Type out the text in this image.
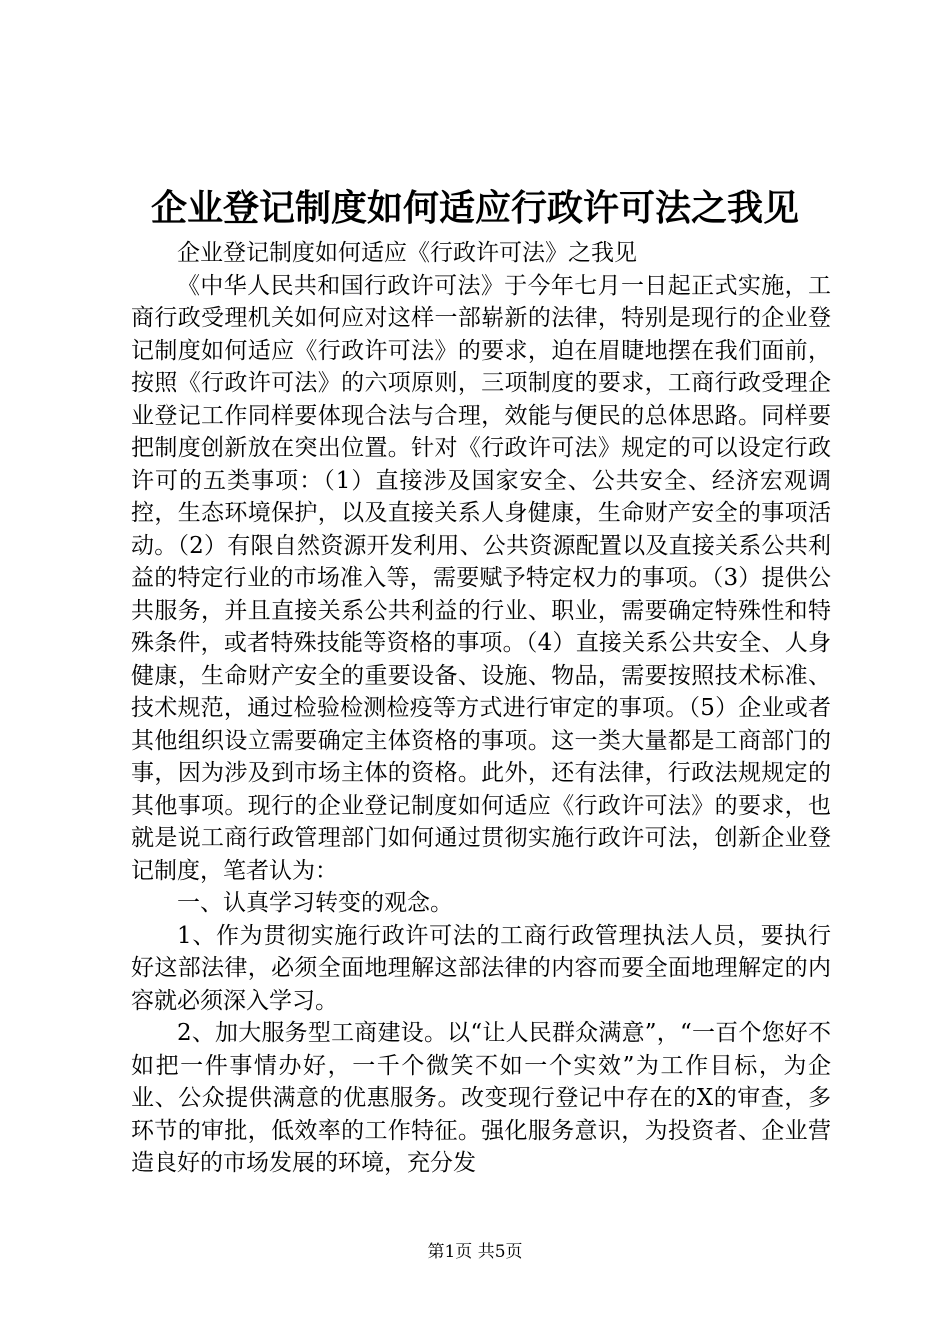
企业登记制度如何适应行政许可法之我见

企业登记制度如何适应《行政许可法》之我见

《中华人民共和国行政许可法》于今年七月一日起正式实施，工商行政受理机关如何应对这样一部崭新的法律，特别是现行的企业登记制度如何适应《行政许可法》的要求，迫在眉睫地摆在我们面前，按照《行政许可法》的六项原则，三项制度的要求，工商行政受理企业登记工作同样要体现合法与合理，效能与便民的总体思路。同样要把制度创新放在突出位置。针对《行政许可法》规定的可以设定行政许可的五类事项：（1）直接涉及国家安全、公共安全、经济宏观调控，生态环境保护，以及直接关系人身健康，生命财产安全的事项活动。（2）有限自然资源开发利用、公共资源配置以及直接关系公共利益的特定行业的市场准入等，需要赋予特定权力的事项。（3）提供公共服务，并且直接关系公共利益的行业、职业，需要确定特殊性和特殊条件，或者特殊技能等资格的事项。（4）直接关系公共安全、人身健康，生命财产安全的重要设备、设施、物品，需要按照技术标准、技术规范，通过检验检测检疫等方式进行审定的事项。（5）企业或者其他组织设立需要确定主体资格的事项。这一类大量都是工商部门的事，因为涉及到市场主体的资格。此外，还有法律，行政法规规定的其他事项。现行的企业登记制度如何适应《行政许可法》的要求，也就是说工商行政管理部门如何通过贯彻实施行政许可法，创新企业登记制度，笔者认为：

一、认真学习转变的观念。

1、作为贯彻实施行政许可法的工商行政管理执法人员，要执行好这部法律，必须全面地理解这部法律的内容而要全面地理解定的内容就必须深入学习。

2、加大服务型工商建设。以“让人民群众满意”，“一百个您好不如把一件事情办好，一千个微笑不如一个实效”为工作目标，为企业、公众提供满意的优惠服务。改变现行登记中存在的X的审查，多环节的审批，低效率的工作特征。强化服务意识，为投资者、企业营造良好的市场发展的环境，充分发

第1页 共5页
